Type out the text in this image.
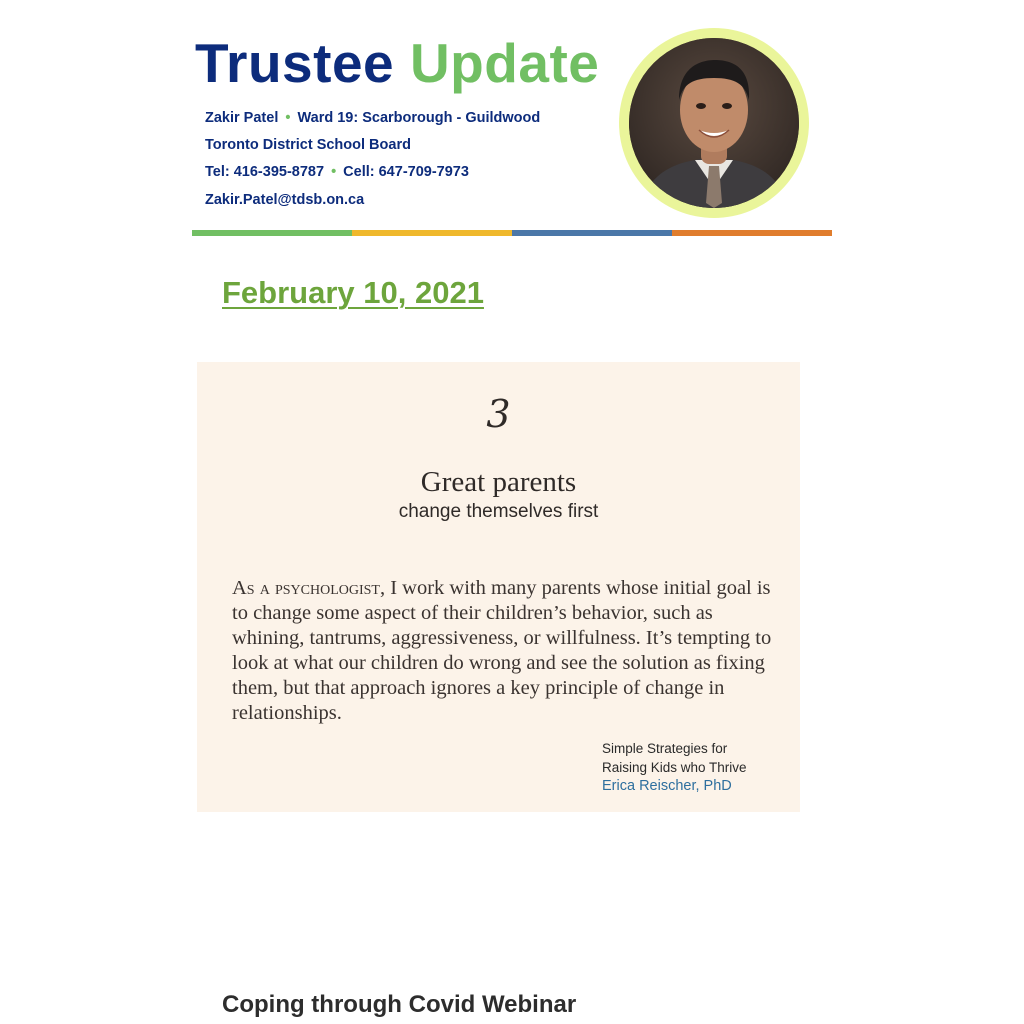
Trustee Update
Zakir Patel • Ward 19: Scarborough - Guildwood
Toronto District School Board
Tel: 416-395-8787 • Cell: 647-709-7973
Zakir.Patel@tdsb.on.ca
February 10, 2021
3
Great parents
change themselves first

As a psychologist, I work with many parents whose initial goal is to change some aspect of their children’s behavior, such as whining, tantrums, aggressiveness, or willfulness. It’s tempting to look at what our children do wrong and see the solution as fixing them, but that approach ignores a key principle of change in relationships.

Simple Strategies for
Raising Kids who Thrive
Erica Reischer, PhD
Coping through Covid Webinar
